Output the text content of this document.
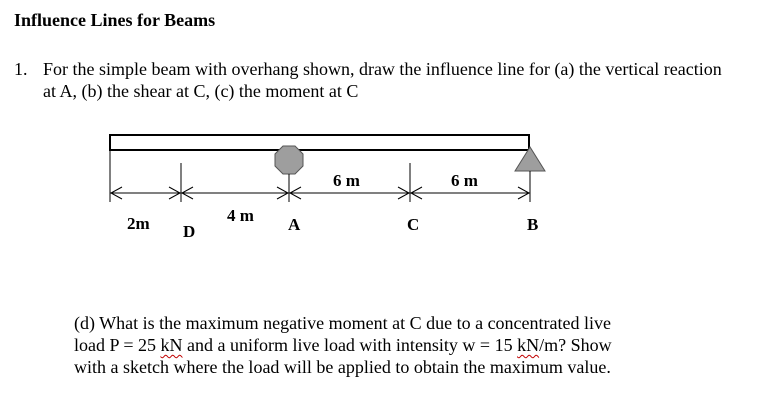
Influence Lines for Beams
1. For the simple beam with overhang shown, draw the influence line for (a) the vertical reaction at A, (b) the shear at C, (c) the moment at C
2m	4 m
6 m	6 m
D	A	C	B
(d) What is the maximum negative moment at C due to a concentrated live
load P = 25 kN and a uniform live load with intensity w = 15 kN/m? Show
with a sketch where the load will be applied to obtain the maximum value.
